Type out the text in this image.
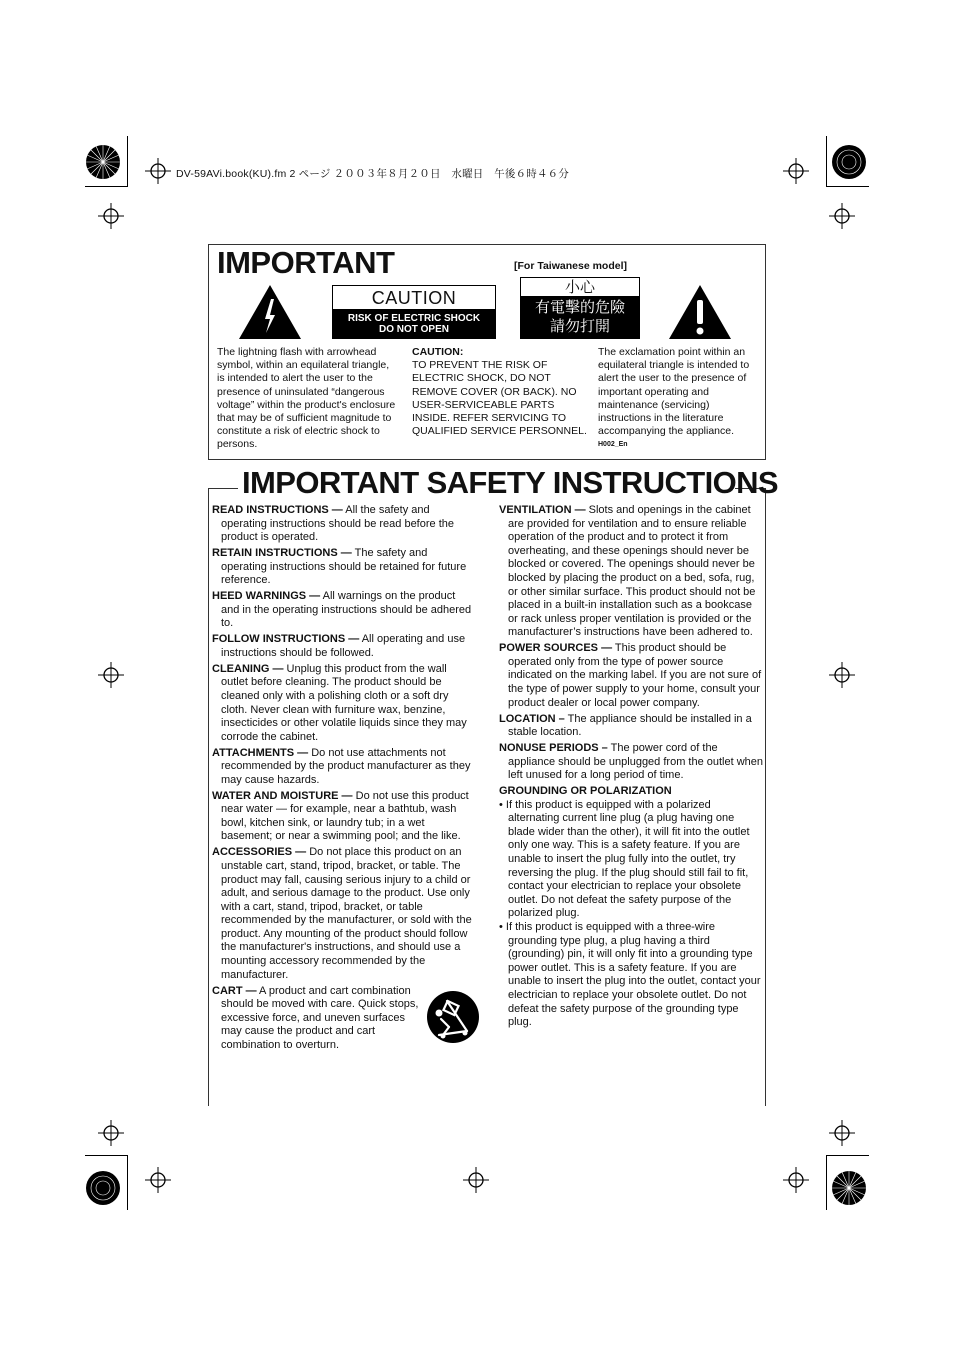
DV-59AVi.book(KU).fm 2 ページ ２００３年８月２０日　水曜日　午後６時４６分
IMPORTANT	[For Taiwanese model]
CAUTION
RISK OF ELECTRIC SHOCK
DO NOT OPEN
小心
有電擊的危險
請勿打開
The lightning flash with arrowhead symbol, within an equilateral triangle, is intended to alert the user to the presence of uninsulated “dangerous voltage” within the product's enclosure that may be of sufficient magnitude to constitute a risk of electric shock to persons.
CAUTION:
TO PREVENT THE RISK OF ELECTRIC SHOCK, DO NOT REMOVE COVER (OR BACK). NO USER-SERVICEABLE PARTS INSIDE. REFER SERVICING TO QUALIFIED SERVICE PERSONNEL.
The exclamation point within an equilateral triangle is intended to alert the user to the presence of important operating and maintenance (servicing) instructions in the literature accompanying the appliance.
H002_En
IMPORTANT SAFETY INSTRUCTIONS
READ INSTRUCTIONS — All the safety and operating instructions should be read before the product is operated.
RETAIN INSTRUCTIONS — The safety and operating instructions should be retained for future reference.
HEED WARNINGS — All warnings on the product and in the operating instructions should be adhered to.
FOLLOW INSTRUCTIONS — All operating and use instructions should be followed.
CLEANING — Unplug this product from the wall outlet before cleaning. The product should be cleaned only with a polishing cloth or a soft dry cloth. Never clean with furniture wax, benzine, insecticides or other volatile liquids since they may corrode the cabinet.
ATTACHMENTS — Do not use attachments not recommended by the product manufacturer as they may cause hazards.
WATER AND MOISTURE — Do not use this product near water — for example, near a bathtub, wash bowl, kitchen sink, or laundry tub; in a wet basement; or near a swimming pool; and the like.
ACCESSORIES — Do not place this product on an unstable cart, stand, tripod, bracket, or table. The product may fall, causing serious injury to a child or adult, and serious damage to the product. Use only with a cart, stand, tripod, bracket, or table recommended by the manufacturer, or sold with the product. Any mounting of the product should follow the manufacturer's instructions, and should use a mounting accessory recommended by the manufacturer.
CART — A product and cart combination should be moved with care. Quick stops, excessive force, and uneven surfaces may cause the product and cart combination to overturn.
VENTILATION — Slots and openings in the cabinet are provided for ventilation and to ensure reliable operation of the product and to protect it from overheating, and these openings should never be blocked or covered. The openings should never be blocked by placing the product on a bed, sofa, rug, or other similar surface. This product should not be placed in a built-in installation such as a bookcase or rack unless proper ventilation is provided or the manufacturer’s instructions have been adhered to.
POWER SOURCES — This product should be operated only from the type of power source indicated on the marking label. If you are not sure of the type of power supply to your home, consult your product dealer or local power company.
LOCATION – The appliance should be installed in a stable location.
NONUSE PERIODS – The power cord of the appliance should be unplugged from the outlet when left unused for a long period of time.
GROUNDING OR POLARIZATION
• If this product is equipped with a polarized alternating current line plug (a plug having one blade wider than the other), it will fit into the outlet only one way. This is a safety feature. If you are unable to insert the plug fully into the outlet, try reversing the plug. If the plug should still fail to fit, contact your electrician to replace your obsolete outlet. Do not defeat the safety purpose of the polarized plug.
• If this product is equipped with a three-wire grounding type plug, a plug having a third (grounding) pin, it will only fit into a grounding type power outlet. This is a safety feature. If you are unable to insert the plug into the outlet, contact your electrician to replace your obsolete outlet. Do not defeat the safety purpose of the grounding type plug.
